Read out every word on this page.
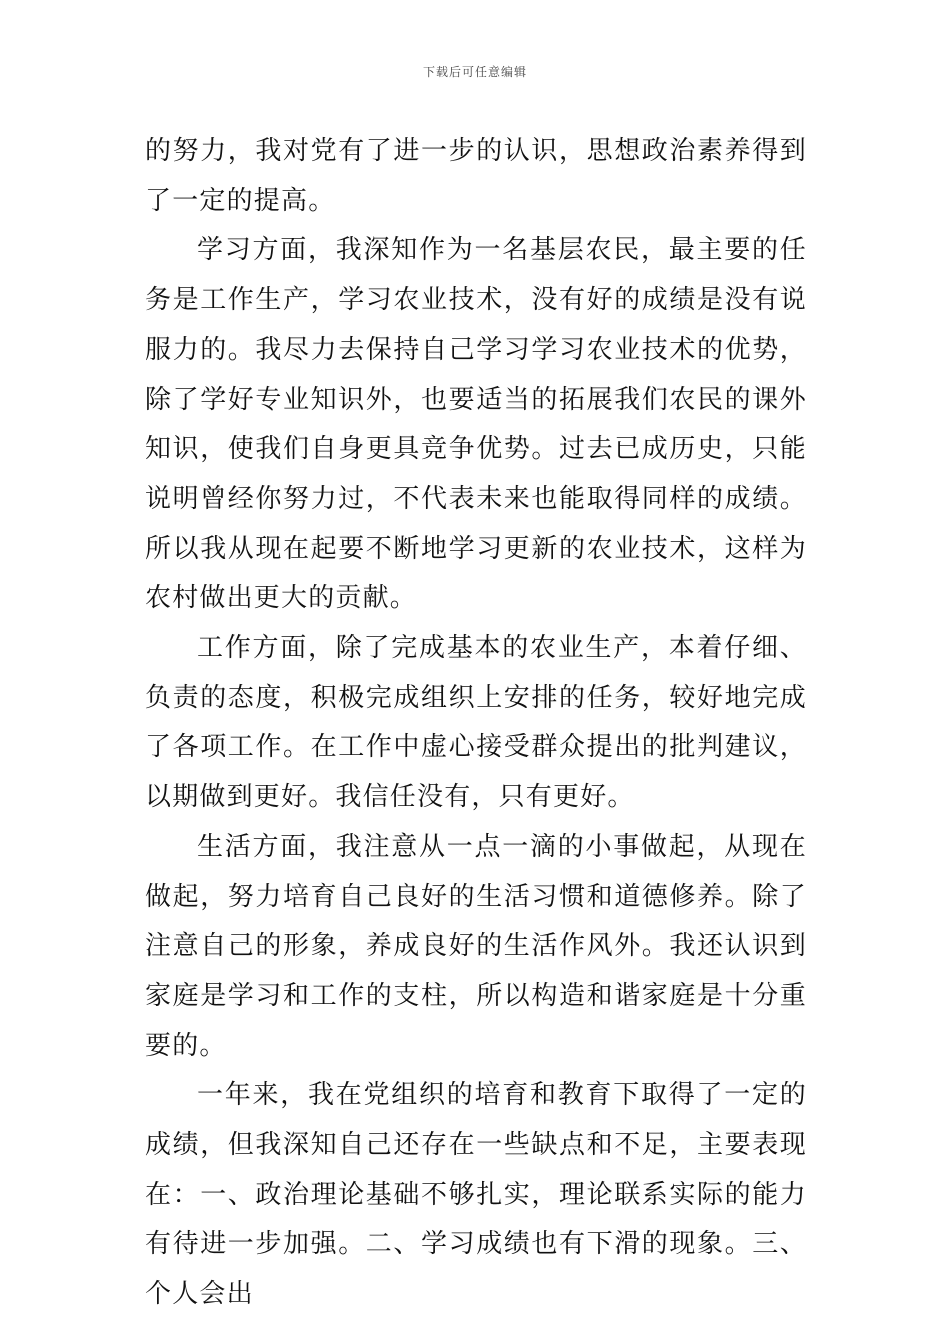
下载后可任意编辑

的努力，我对党有了进一步的认识，思想政治素养得到了一定的提高。

学习方面，我深知作为一名基层农民，最主要的任务是工作生产，学习农业技术，没有好的成绩是没有说服力的。我尽力去保持自己学习学习农业技术的优势，除了学好专业知识外，也要适当的拓展我们农民的课外知识，使我们自身更具竞争优势。过去已成历史，只能说明曾经你努力过，不代表未来也能取得同样的成绩。所以我从现在起要不断地学习更新的农业技术，这样为农村做出更大的贡献。

工作方面，除了完成基本的农业生产，本着仔细、负责的态度，积极完成组织上安排的任务，较好地完成了各项工作。在工作中虚心接受群众提出的批判建议，以期做到更好。我信任没有，只有更好。

生活方面，我注意从一点一滴的小事做起，从现在做起，努力培育自己良好的生活习惯和道德修养。除了注意自己的形象，养成良好的生活作风外。我还认识到家庭是学习和工作的支柱，所以构造和谐家庭是十分重要的。

一年来，我在党组织的培育和教育下取得了一定的成绩，但我深知自己还存在一些缺点和不足，主要表现在：一、政治理论基础不够扎实，理论联系实际的能力有待进一步加强。二、学习成绩也有下滑的现象。三、个人会出
